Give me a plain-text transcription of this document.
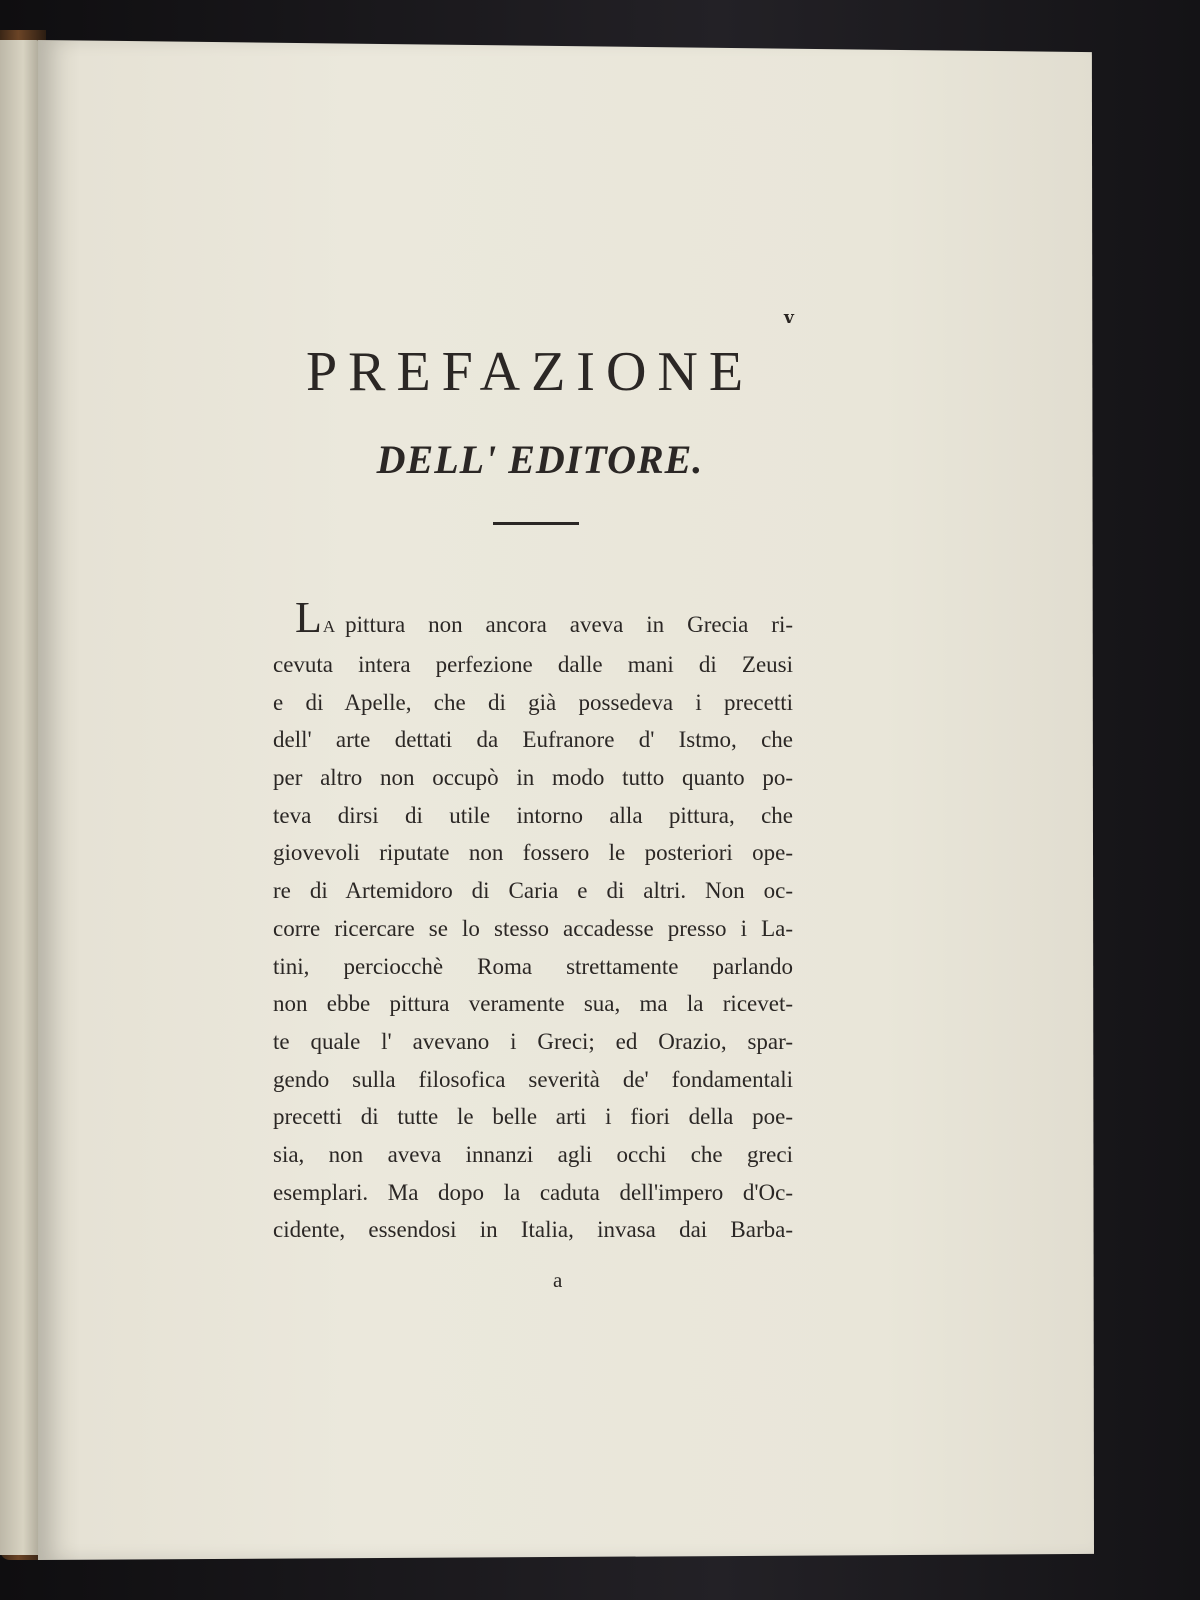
v
PREFAZIONE
DELL' EDITORE.
LA pittura non ancora aveva in Grecia ri-
cevuta intera perfezione dalle mani di Zeusi
e di Apelle, che di già possedeva i precetti
dell' arte dettati da Eufranore d' Istmo, che
per altro non occupò in modo tutto quanto po-
teva dirsi di utile intorno alla pittura, che
giovevoli riputate non fossero le posteriori ope-
re di Artemidoro di Caria e di altri. Non oc-
corre ricercare se lo stesso accadesse presso i La-
tini, perciocchè Roma strettamente parlando
non ebbe pittura veramente sua, ma la ricevet-
te quale l' avevano i Greci; ed Orazio, spar-
gendo sulla filosofica severità de' fondamentali
precetti di tutte le belle arti i fiori della poe-
sia, non aveva innanzi agli occhi che greci
esemplari. Ma dopo la caduta dell'impero d'Oc-
cidente, essendosi in Italia, invasa dai Barba-
a
